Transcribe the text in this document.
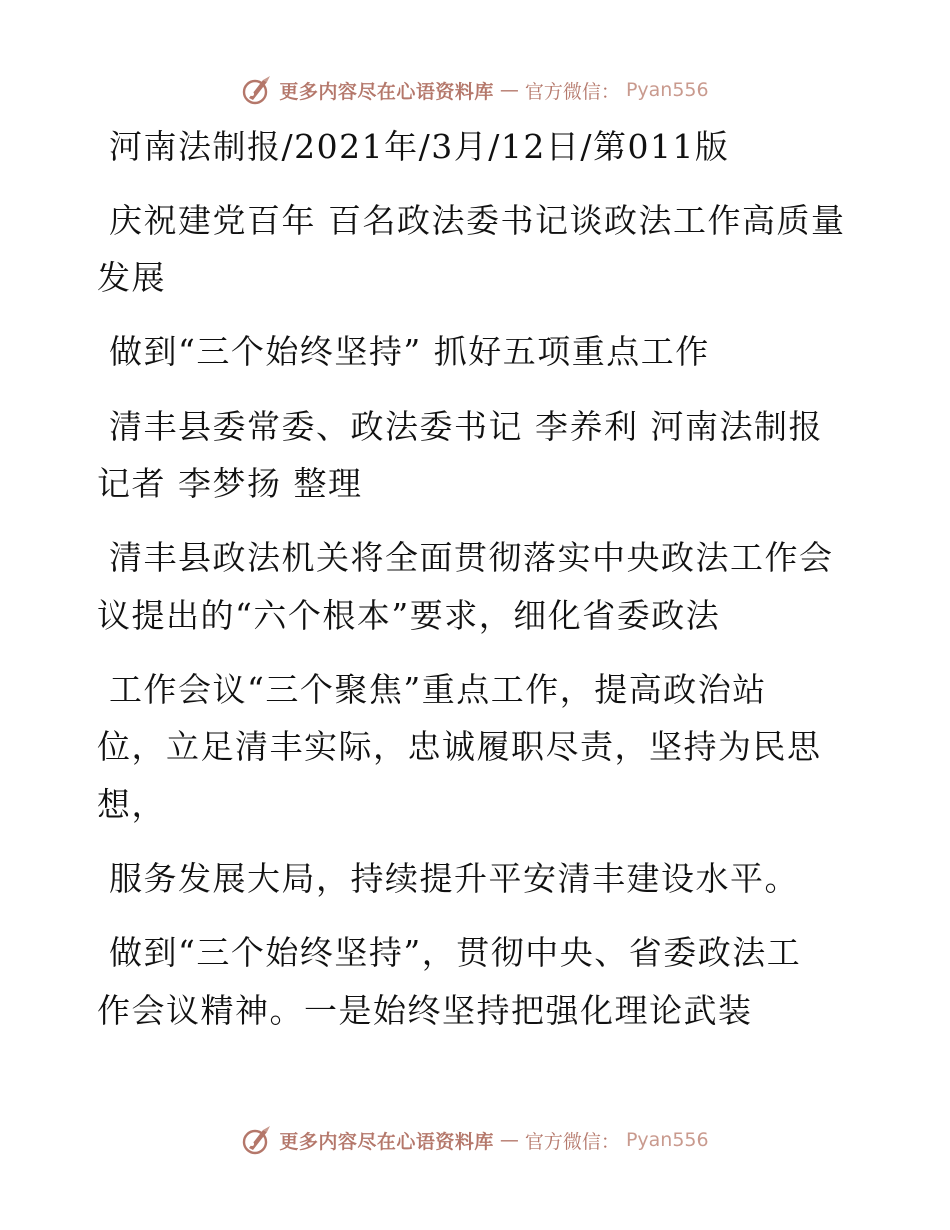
更多内容尽在心语资料库 — 官方微信： Pyan556
河南法制报/2021年/3月/12日/第011版
庆祝建党百年 百名政法委书记谈政法工作高质量
发展
做到“三个始终坚持” 抓好五项重点工作
清丰县委常委、政法委书记 李养利 河南法制报
记者 李梦扬 整理
清丰县政法机关将全面贯彻落实中央政法工作会
议提出的“六个根本”要求，细化省委政法
工作会议“三个聚焦”重点工作，提高政治站
位，立足清丰实际，忠诚履职尽责，坚持为民思
想，
服务发展大局，持续提升平安清丰建设水平。
做到“三个始终坚持”，贯彻中央、省委政法工
作会议精神。一是始终坚持把强化理论武装
更多内容尽在心语资料库 — 官方微信： Pyan556
